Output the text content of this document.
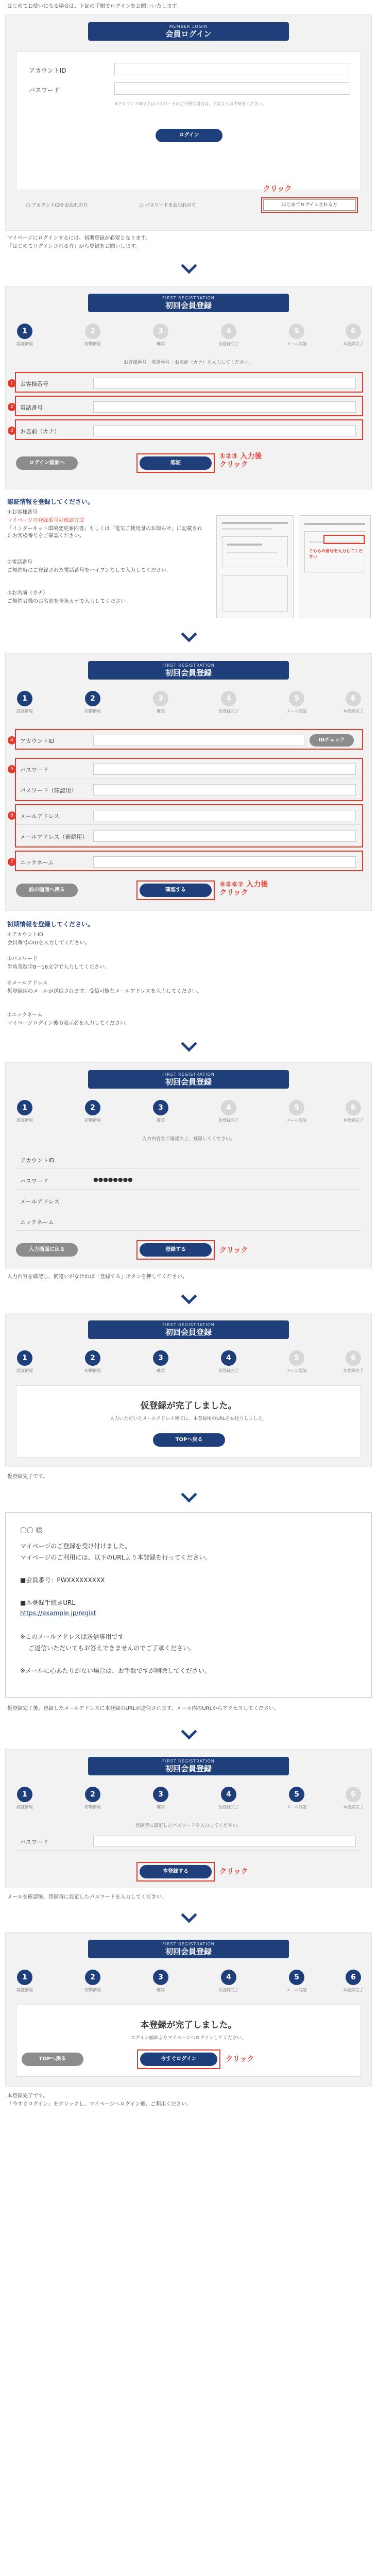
はじめてお使いになる場合は、下記の手順でログインをお願いいたします。
MEMBER LOGIN
会員ログイン
アカウントID
パスワード
※アカウントIDまたはパスワードがご不明な場合は、下記よりお手続きください。
ログイン
○ アカウントIDをお忘れの方	○ パスワードをお忘れの方	はじめてログインされる方
クリック
マイページにログインするには、初期登録が必要となります。
「はじめてログインされる方」から登録をお願いします。
FIRST REGISTRATION
初回会員登録
1
認証情報
2
初期情報
3
確認
4
仮登録完了
5
メール認証
6
本登録完了
お客様番号・電話番号・お名前（カナ）を入力してください。
1	お客様番号
2	電話番号
3	お名前（カナ）
ログイン画面へ	認証
①②③ 入力後
クリック
認証情報を登録してください。
①お客様番号
マイページの登録番号の確認方法
「インターネット環境変更案内書」もしくは「電気ご使用量のお知らせ」に記載されたお客様番号をご確認ください。
②電話番号
ご契約時にご登録された電話番号をハイフンなしで入力してください。
③お名前（カナ）
ご契約者様のお名前を全角カナで入力してください。
こちらの番号を入力してください
FIRST REGISTRATION
初回会員登録
1
認証情報
2
初期情報
3
確認
4
仮登録完了
5
メール認証
6
本登録完了
4	アカウントID	IDチェック
5	パスワード
パスワード（確認用）
6	メールアドレス
メールアドレス（確認用）
7	ニックネーム
前の画面へ戻る	確認する
④⑤⑥⑦ 入力後
クリック
初期情報を登録してください。
④アカウントID
会員番号のIDを入力してください。
⑤パスワード
半角英数字8〜16文字で入力してください。
⑥メールアドレス
仮登録用のメールが送信されます。受信可能なメールアドレスを入力してください。
⑦ニックネーム
マイページログイン後の表示名を入力してください。
FIRST REGISTRATION
初回会員登録
1
認証情報
2
初期情報
3
確認
4
仮登録完了
5
メール認証
6
本登録完了
入力内容をご確認の上、登録してください。
アカウントID
パスワード	●●●●●●●●
メールアドレス
ニックネーム
入力画面に戻る	登録する	クリック
入力内容を確認し、間違いがなければ「登録する」ボタンを押してください。
FIRST REGISTRATION
初回会員登録
1
認証情報
2
初期情報
3
確認
4
仮登録完了
5
メール認証
6
本登録完了
仮登録が完了しました。
入力いただいたメールアドレス宛てに、本登録用のURLをお送りしました。
TOPへ戻る
仮登録完了です。
〇〇 様
マイページのご登録を受け付けました。
マイページのご利用には、以下のURLより本登録を行ってください。
■会員番号：PWXXXXXXXXX
■本登録手続きURL
https://example.jp/regist
※このメールアドレスは送信専用です
ご返信いただいてもお答えできませんのでご了承ください。
※メールに心あたりがない場合は、お手数ですが削除してください。
仮登録完了後、登録したメールアドレスに本登録のURLが送信されます。メール内のURLからアクセスしてください。
FIRST REGISTRATION
初回会員登録
1
認証情報
2
初期情報
3
確認
4
仮登録完了
5
メール認証
6
本登録完了
登録時に設定したパスワードを入力してください。
パスワード
本登録する	クリック
メールを確認後、登録時に設定したパスワードを入力してください。
FIRST REGISTRATION
初回会員登録
1
認証情報
2
初期情報
3
確認
4
仮登録完了
5
メール認証
6
本登録完了
本登録が完了しました。
ログイン画面よりマイページへログインしてください。
TOPへ戻る	今すぐログイン	クリック
本登録完了です。
「今すぐログイン」をクリックし、マイページへログイン後、ご利用ください。
